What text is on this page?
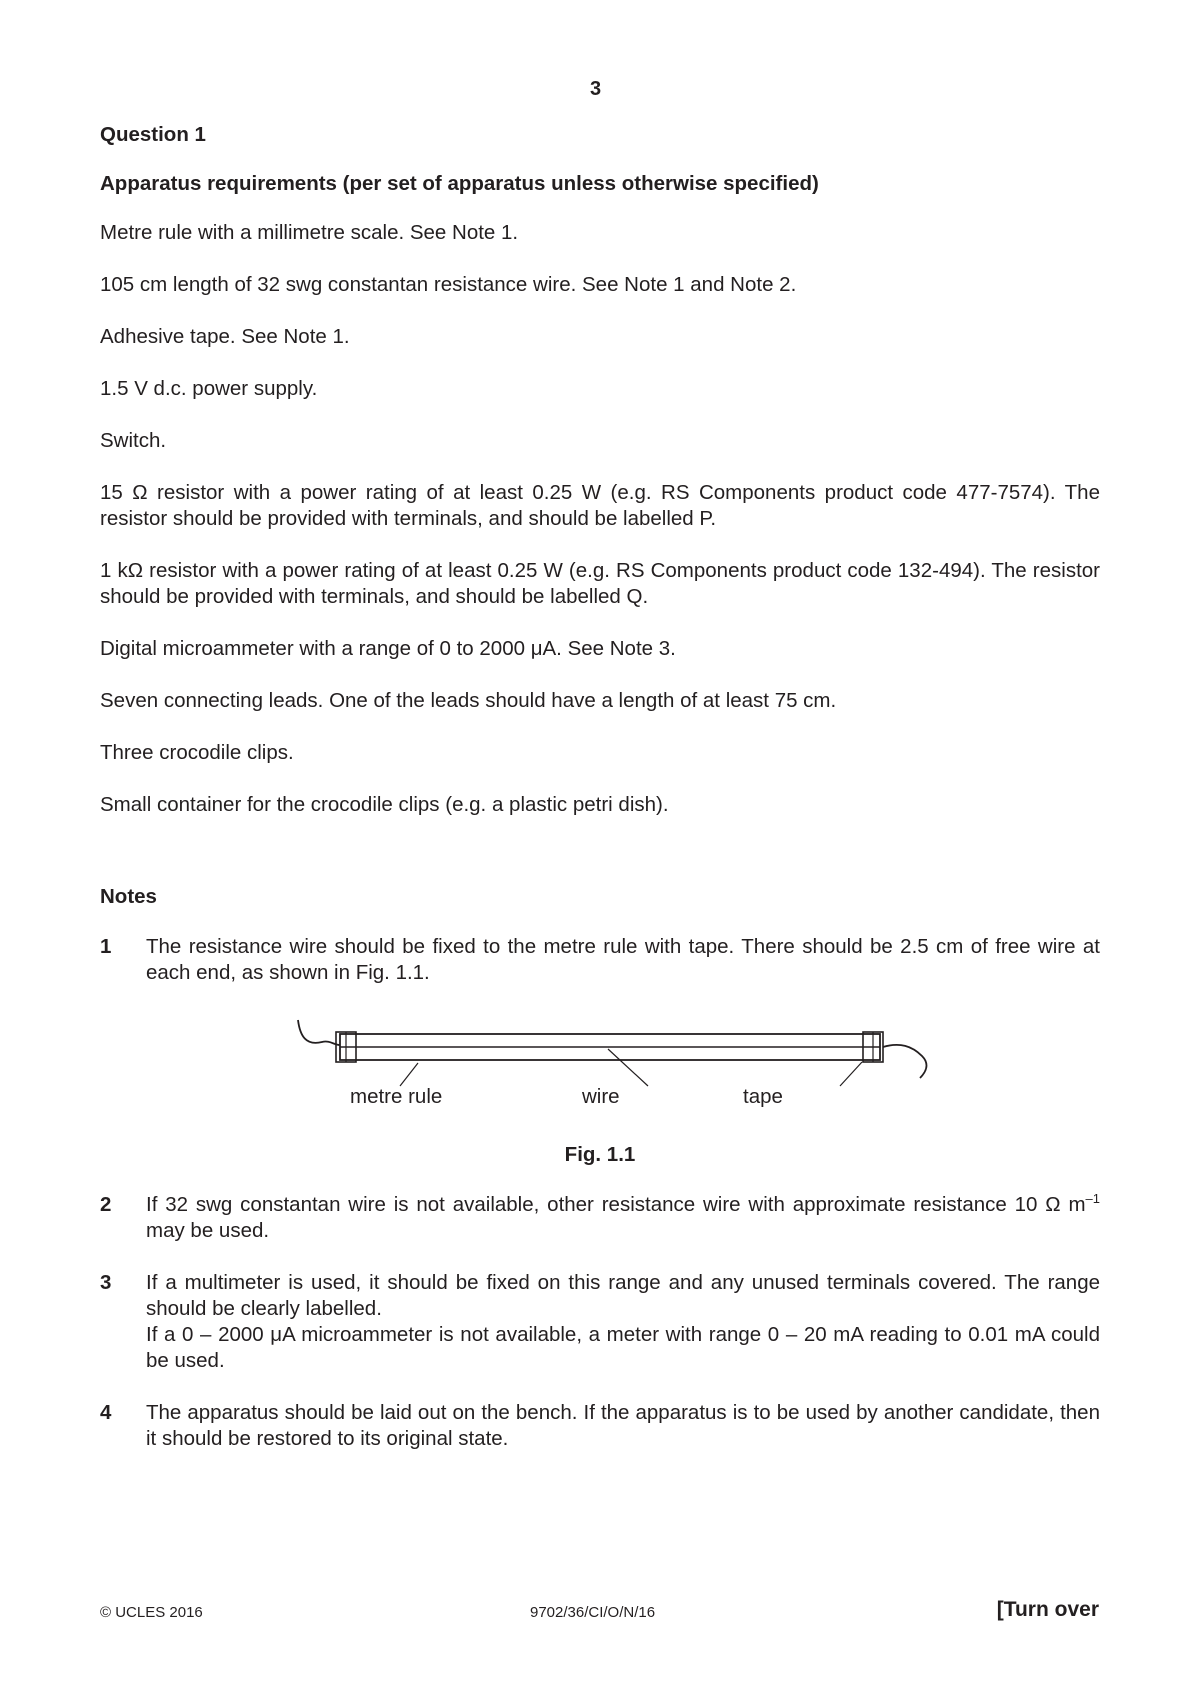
3
Question 1
Apparatus requirements (per set of apparatus unless otherwise specified)
Metre rule with a millimetre scale. See Note 1.
105 cm length of 32 swg constantan resistance wire. See Note 1 and Note 2.
Adhesive tape. See Note 1.
1.5 V d.c. power supply.
Switch.
15 Ω resistor with a power rating of at least 0.25 W (e.g. RS Components product code 477-7574). The resistor should be provided with terminals, and should be labelled P.
1 kΩ resistor with a power rating of at least 0.25 W (e.g. RS Components product code 132-494). The resistor should be provided with terminals, and should be labelled Q.
Digital microammeter with a range of 0 to 2000 μA. See Note 3.
Seven connecting leads. One of the leads should have a length of at least 75 cm.
Three crocodile clips.
Small container for the crocodile clips (e.g. a plastic petri dish).
Notes
1	The resistance wire should be fixed to the metre rule with tape. There should be 2.5 cm of free wire at each end, as shown in Fig. 1.1.
metre rule	wire	tape
Fig. 1.1
2	If 32 swg constantan wire is not available, other resistance wire with approximate resistance 10 Ω $m^{-1}$ may be used.
3	If a multimeter is used, it should be fixed on this range and any unused terminals covered. The range should be clearly labelled.
If a 0 – 2000 μA microammeter is not available, a meter with range 0 – 20 mA reading to 0.01 mA could be used.
4	The apparatus should be laid out on the bench. If the apparatus is to be used by another candidate, then it should be restored to its original state.
© UCLES 2016	9702/36/CI/O/N/16	[Turn over
